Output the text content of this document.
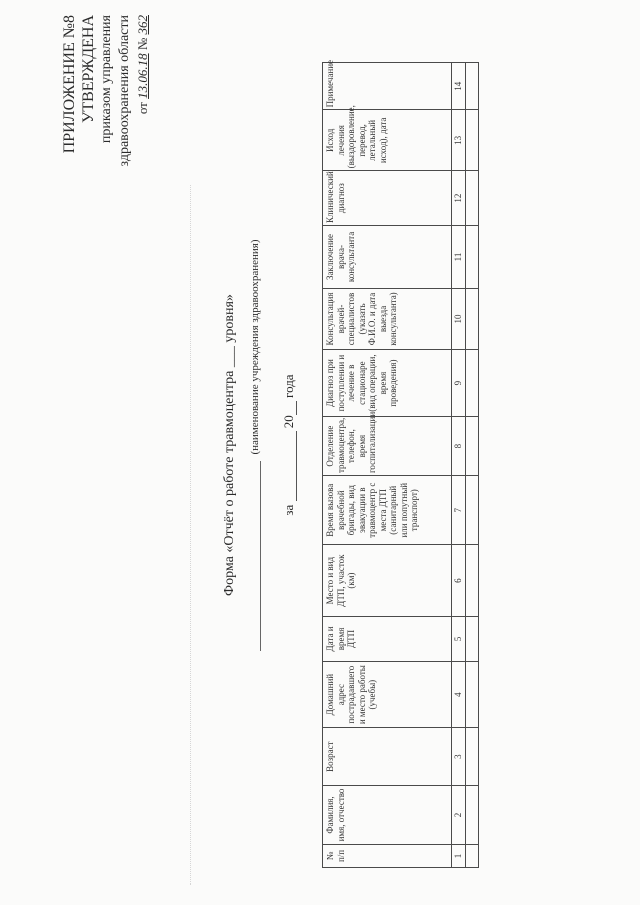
ПРИЛОЖЕНИЕ №8 УТВЕРЖДЕНА приказом управления здравоохранения области от 13.06.18 № 362
Форма «Отчёт о работе травмоцентра ___ уровня» (наименование учреждения здравоохранения)
за  20 года
№ п/п	Фамилия, имя, отчество	Возраст	Домашний адрес пострадавшего и место работы (учебы)	Дата и время ДТП	Место и вид ДТП, участок (км)	Время вызова врачебной бригады, вид эвакуации в травмоцентр с места ДТП (санитарный или попутный транспорт)	Отделение травмоцентра, телефон, время госпитализации	Диагноз при поступлении и лечение в стационаре (вид операции, время проведения)	Консультация врачей-специалистов (указать Ф.И.О. и дата выезда консультанта)	Заключение врача-консультанта	Клинический диагноз	Исход лечения (выздоровление, перевод, летальный исход), дата	Примечание
1	2	3	4	5	6	7	8	9	10	11	12	13	14
